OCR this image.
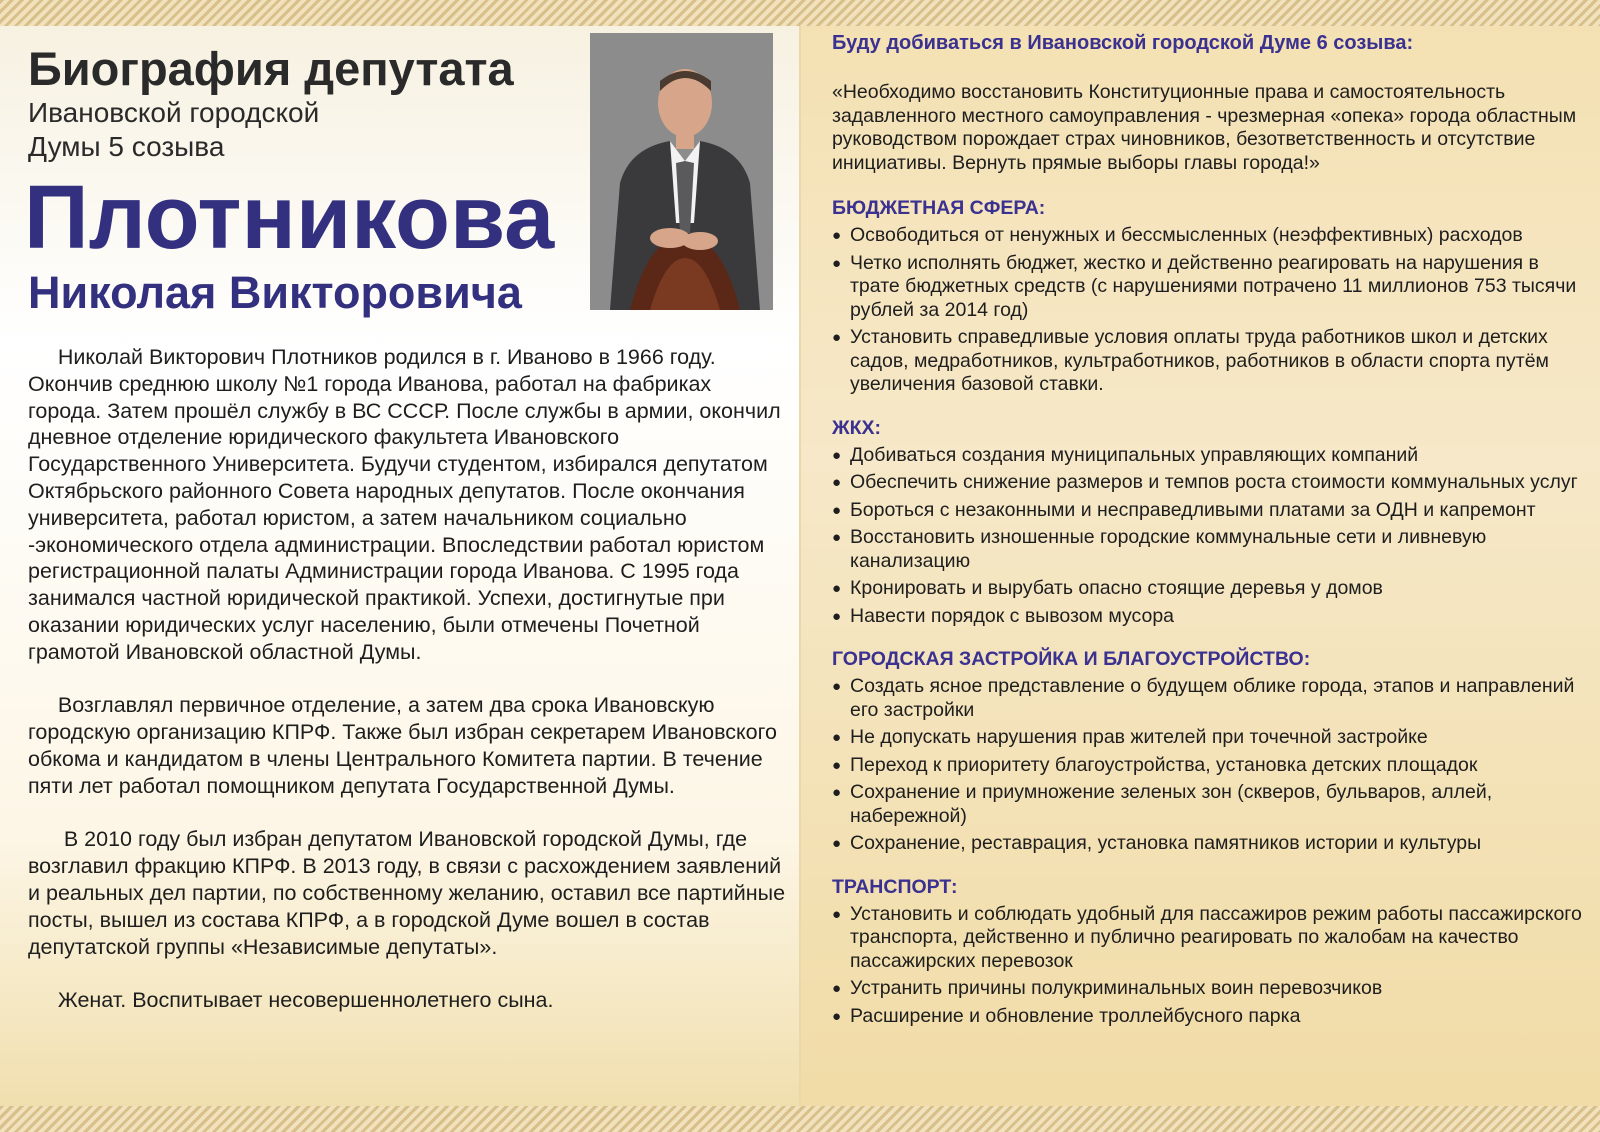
Биография депутата
Ивановской городской
Думы 5 созыва
Плотникова
Николая Викторовича

Николай Викторович Плотников родился в г. Иваново в 1966 году. Окончив среднюю школу №1 города Иванова, работал на фабриках города. Затем прошёл службу в ВС СССР. После службы в армии, окончил дневное отделение юридического факультета Ивановского Государственного Университета. Будучи студентом, избирался депутатом Октябрьского районного Совета народных депутатов. После окончания университета, работал юристом, а затем начальником социально -экономического отдела администрации. Впоследствии работал юристом регистрационной палаты Администрации города Иванова. С 1995 года занимался частной юридической практикой. Успехи, достигнутые при оказании юридических услуг населению, были отмечены Почетной грамотой Ивановской областной Думы.

Возглавлял первичное отделение, а затем два срока Ивановскую городскую организацию КПРФ. Также был избран секретарем Ивановского обкома и кандидатом в члены Центрального Комитета партии. В течение пяти лет работал помощником депутата Государственной Думы.

В 2010 году был избран депутатом Ивановской городской Думы, где возглавил фракцию КПРФ. В 2013 году, в связи с расхождением заявлений и реальных дел партии, по собственному желанию, оставил все партийные посты, вышел из состава КПРФ, а в городской Думе вошел в состав депутатской группы «Независимые депутаты».

Женат. Воспитывает несовершеннолетнего сына.

Буду добиваться в Ивановской городской Думе 6 созыва:
«Необходимо восстановить Конституционные права и самостоятельность задавленного местного самоуправления - чрезмерная «опека» города областным руководством порождает страх чиновников, безответственность и отсутствие инициативы. Вернуть прямые выборы главы города!»
БЮДЖЕТНАЯ СФЕРА:
● Освободиться от ненужных и бессмысленных (неэффективных) расходов
● Четко исполнять бюджет, жестко и действенно реагировать на нарушения в трате бюджетных средств (с нарушениями потрачено 11 миллионов 753 тысячи рублей за 2014 год)
● Установить справедливые условия оплаты труда работников школ и детских садов, медработников, культработников, работников в области спорта путём увеличения базовой ставки.
ЖКХ:
● Добиваться создания муниципальных управляющих компаний
● Обеспечить снижение размеров и темпов роста стоимости коммунальных услуг
● Бороться с незаконными и несправедливыми платами за ОДН и капремонт
● Восстановить изношенные городские коммунальные сети и ливневую канализацию
● Кронировать и вырубать опасно стоящие деревья у домов
● Навести порядок с вывозом мусора
ГОРОДСКАЯ ЗАСТРОЙКА И БЛАГОУСТРОЙСТВО:
● Создать ясное представление о будущем облике города, этапов и направлений его застройки
● Не допускать нарушения прав жителей при точечной застройке
● Переход к приоритету благоустройства, установка детских площадок
● Сохранение и приумножение зеленых зон (скверов, бульваров, аллей, набережной)
● Сохранение, реставрация, установка памятников истории и культуры
ТРАНСПОРТ:
● Установить и соблюдать удобный для пассажиров режим работы пассажирского транспорта, действенно и публично реагировать по жалобам на качество пассажирских перевозок
● Устранить причины полукриминальных воин перевозчиков
● Расширение и обновление троллейбусного парка
